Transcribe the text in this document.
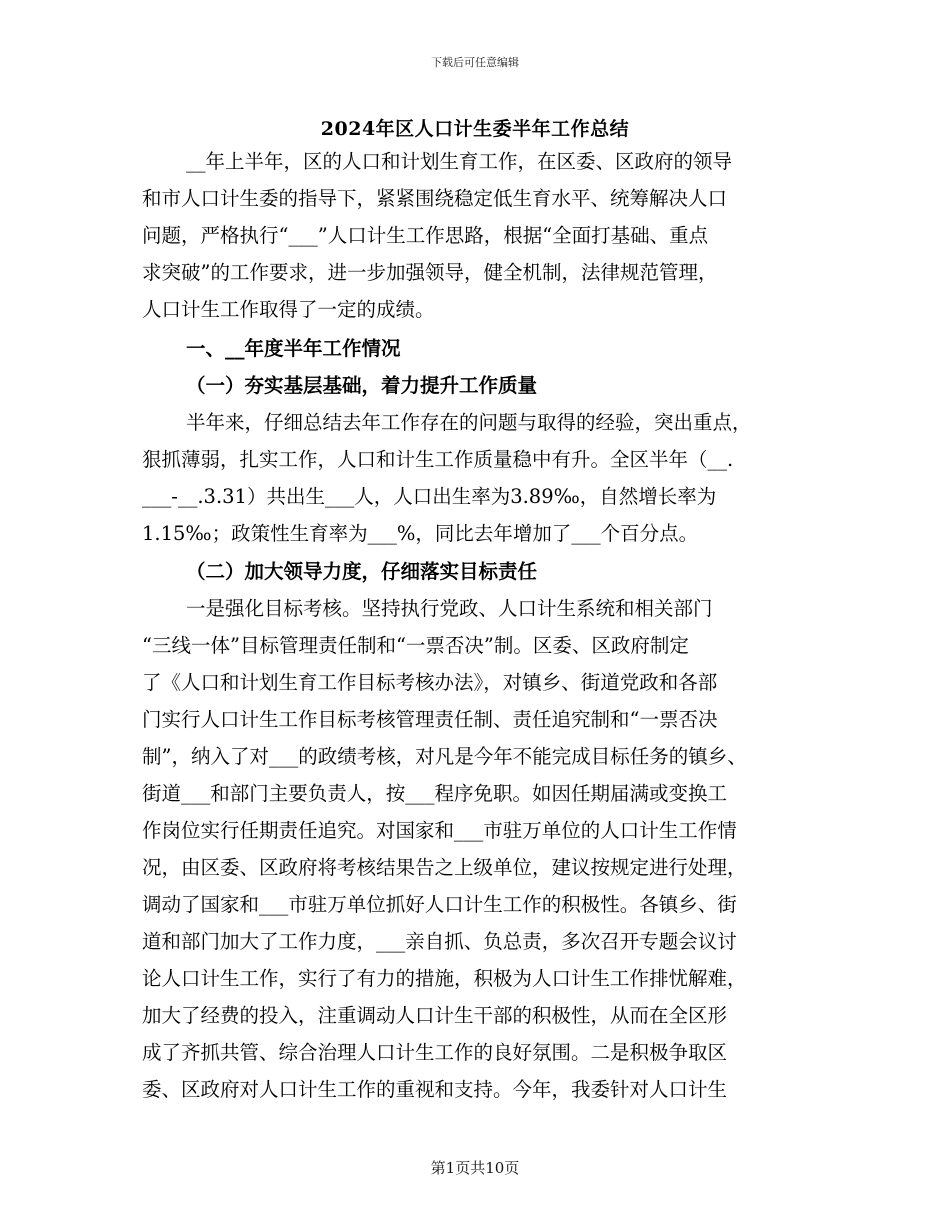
下载后可任意编辑
2024年区人口计生委半年工作总结
__年上半年，区的人口和计划生育工作，在区委、区政府的领导
和市人口计生委的指导下，紧紧围绕稳定低生育水平、统筹解决人口
问题，严格执行“___”人口计生工作思路，根据“全面打基础、重点
求突破”的工作要求，进一步加强领导，健全机制，法律规范管理，
人口计生工作取得了一定的成绩。
一、__年度半年工作情况
（一）夯实基层基础，着力提升工作质量
半年来，仔细总结去年工作存在的问题与取得的经验，突出重点，
狠抓薄弱，扎实工作，人口和计生工作质量稳中有升。全区半年（__.
___-__.3.31）共出生___人，人口出生率为3.89‰，自然增长率为
1.15‰；政策性生育率为___%，同比去年增加了___个百分点。
（二）加大领导力度，仔细落实目标责任
一是强化目标考核。坚持执行党政、人口计生系统和相关部门
“三线一体”目标管理责任制和“一票否决”制。区委、区政府制定
了《人口和计划生育工作目标考核办法》，对镇乡、街道党政和各部
门实行人口计生工作目标考核管理责任制、责任追究制和“一票否决
制”，纳入了对___的政绩考核，对凡是今年不能完成目标任务的镇乡、
街道___和部门主要负责人，按___程序免职。如因任期届满或变换工
作岗位实行任期责任追究。对国家和___市驻万单位的人口计生工作情
况，由区委、区政府将考核结果告之上级单位，建议按规定进行处理，
调动了国家和___市驻万单位抓好人口计生工作的积极性。各镇乡、街
道和部门加大了工作力度，___亲自抓、负总责，多次召开专题会议讨
论人口计生工作，实行了有力的措施，积极为人口计生工作排忧解难，
加大了经费的投入，注重调动人口计生干部的积极性，从而在全区形
成了齐抓共管、综合治理人口计生工作的良好氛围。二是积极争取区
委、区政府对人口计生工作的重视和支持。今年，我委针对人口计生
第1页共10页
